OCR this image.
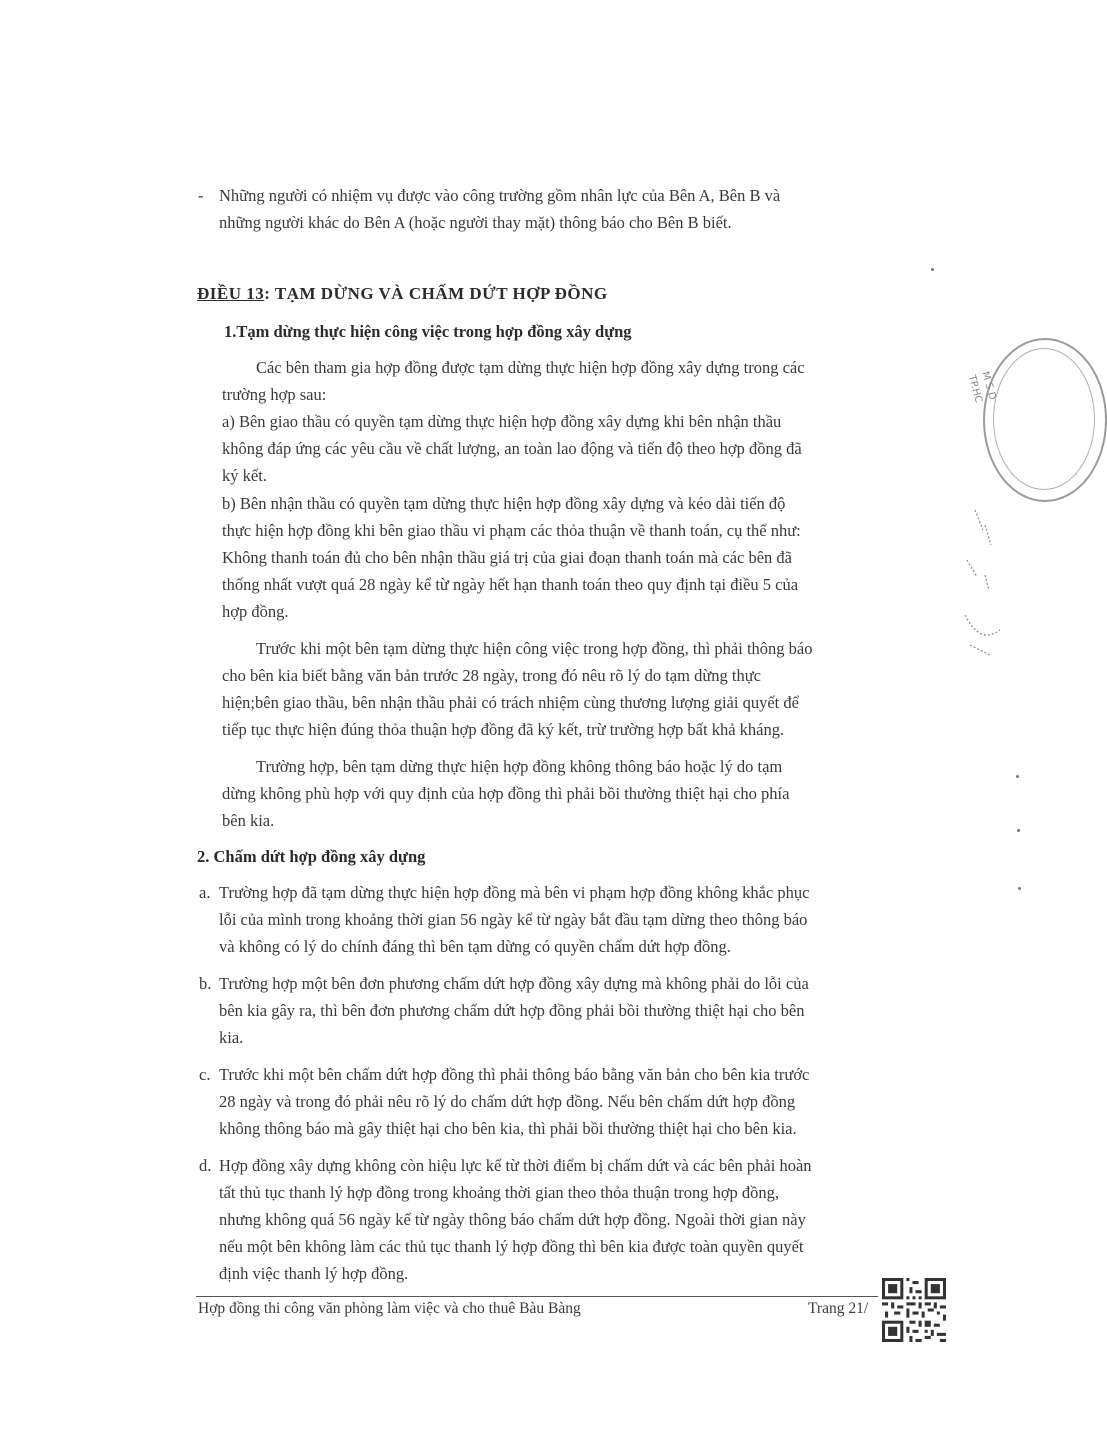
- Những người có nhiệm vụ được vào công trường gồm nhân lực của Bên A, Bên B và
những người khác do Bên A (hoặc người thay mặt) thông báo cho Bên B biết.
ĐIỀU 13: TẠM DỪNG VÀ CHẤM DỨT HỢP ĐỒNG
1.Tạm dừng thực hiện công việc trong hợp đồng xây dựng
Các bên tham gia hợp đồng được tạm dừng thực hiện hợp đồng xây dựng trong các
trường hợp sau:
a) Bên giao thầu có quyền tạm dừng thực hiện hợp đồng xây dựng khi bên nhận thầu
không đáp ứng các yêu cầu về chất lượng, an toàn lao động và tiến độ theo hợp đồng đã
ký kết.
b) Bên nhận thầu có quyền tạm dừng thực hiện hợp đồng xây dựng và kéo dài tiến độ
thực hiện hợp đồng khi bên giao thầu vi phạm các thỏa thuận về thanh toán, cụ thể như:
Không thanh toán đủ cho bên nhận thầu giá trị của giai đoạn thanh toán mà các bên đã
thống nhất vượt quá 28 ngày kể từ ngày hết hạn thanh toán theo quy định tại điều 5 của
hợp đồng.
Trước khi một bên tạm dừng thực hiện công việc trong hợp đồng, thì phải thông báo
cho bên kia biết bằng văn bản trước 28 ngày, trong đó nêu rõ lý do tạm dừng thực
hiện;bên giao thầu, bên nhận thầu phải có trách nhiệm cùng thương lượng giải quyết để
tiếp tục thực hiện đúng thỏa thuận hợp đồng đã ký kết, trừ trường hợp bất khả kháng.
Trường hợp, bên tạm dừng thực hiện hợp đồng không thông báo hoặc lý do tạm
dừng không phù hợp với quy định của hợp đồng thì phải bồi thường thiệt hại cho phía
bên kia.
2. Chấm dứt hợp đồng xây dựng
a. Trường hợp đã tạm dừng thực hiện hợp đồng mà bên vi phạm hợp đồng không khắc phục
lỗi của mình trong khoảng thời gian 56 ngày kể từ ngày bắt đầu tạm dừng theo thông báo
và không có lý do chính đáng thì bên tạm dừng có quyền chấm dứt hợp đồng.
b. Trường hợp một bên đơn phương chấm dứt hợp đồng xây dựng mà không phải do lỗi của
bên kia gây ra, thì bên đơn phương chấm dứt hợp đồng phải bồi thường thiệt hại cho bên
kia.
c. Trước khi một bên chấm dứt hợp đồng thì phải thông báo bằng văn bản cho bên kia trước
28 ngày và trong đó phải nêu rõ lý do chấm dứt hợp đồng. Nếu bên chấm dứt hợp đồng
không thông báo mà gây thiệt hại cho bên kia, thì phải bồi thường thiệt hại cho bên kia.
d. Hợp đồng xây dựng không còn hiệu lực kể từ thời điểm bị chấm dứt và các bên phải hoàn
tất thủ tục thanh lý hợp đồng trong khoảng thời gian theo thỏa thuận trong hợp đồng,
nhưng không quá 56 ngày kể từ ngày thông báo chấm dứt hợp đồng. Ngoài thời gian này
nếu một bên không làm các thủ tục thanh lý hợp đồng thì bên kia được toàn quyền quyết
định việc thanh lý hợp đồng.
Hợp đồng thi công văn phòng làm việc và cho thuê Bàu Bàng	Trang 21/
M S D
TP.HC
